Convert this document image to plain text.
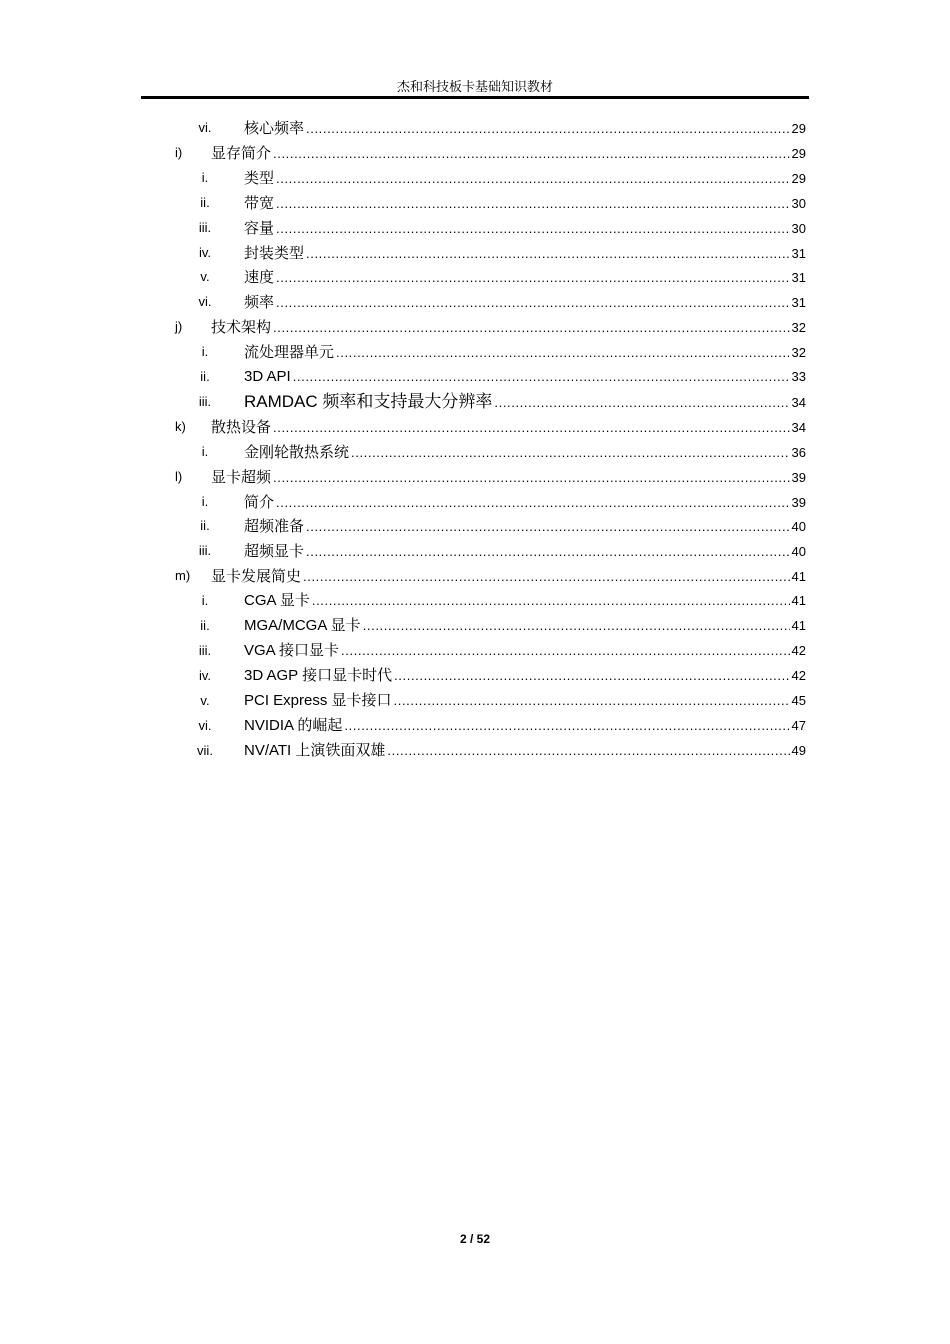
杰和科技板卡基础知识教材
vi.	核心频率 .....	29
i)	显存简介 .....	29
i.	类型 .....	29
ii.	带宽 .....	30
iii.	容量 .....	30
iv.	封装类型 .....	31
v.	速度 .....	31
vi.	频率 .....	31
j)	技术架构 .....	32
i.	流处理器单元 .....	32
ii.	3D API .....	33
iii.	RAMDAC 频率和支持最大分辨率 .....	34
k)	散热设备 .....	34
i.	金刚轮散热系统 .....	36
l)	显卡超频 .....	39
i.	简介 .....	39
ii.	超频准备 .....	40
iii.	超频显卡 .....	40
m)	显卡发展简史 .....	41
i.	CGA 显卡 .....	41
ii.	MGA/MCGA 显卡 .....	41
iii.	VGA 接口显卡 .....	42
iv.	3D AGP 接口显卡时代 .....	42
v.	PCI Express 显卡接口 .....	45
vi.	NVIDIA 的崛起 .....	47
vii.	NV/ATI 上演铁面双雄 .....	49
2 / 52
